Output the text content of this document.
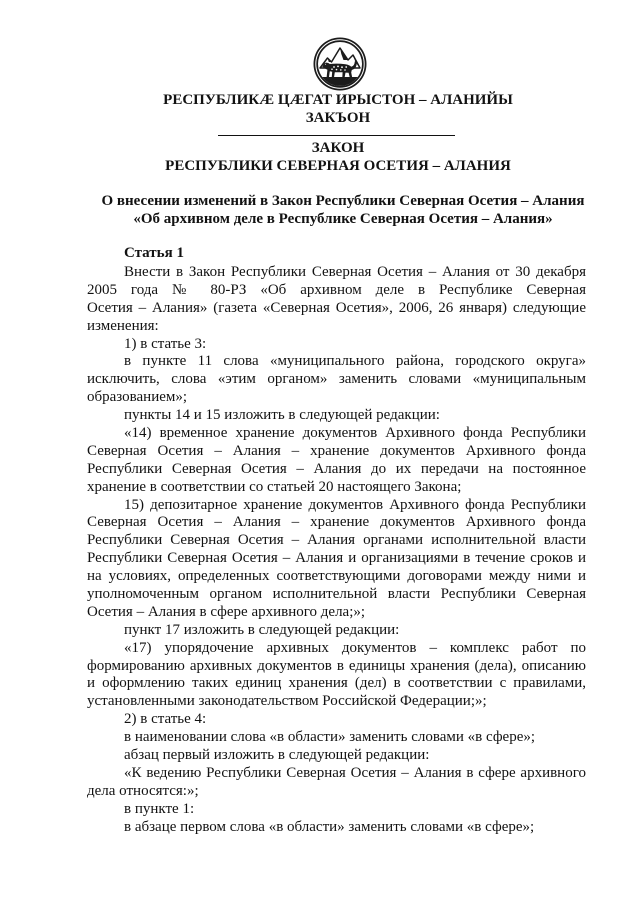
РЕСПУБЛИКӔ ЦӔГАТ ИРЫСТОН – АЛАНИЙЫ
ЗАКЪОН
ЗАКОН
РЕСПУБЛИКИ СЕВЕРНАЯ ОСЕТИЯ – АЛАНИЯ
О внесении изменений в Закон Республики Северная Осетия – Алания
«Об архивном деле в Республике Северная Осетия – Алания»
Статья 1
Внести в Закон Республики Северная Осетия – Алания от 30 декабря
2005 года № 80-РЗ «Об архивном деле в Республике Северная
Осетия – Алания» (газета «Северная Осетия», 2006, 26 января) следующие
изменения:
1) в статье 3:
в пункте 11 слова «муниципального района, городского округа»
исключить, слова «этим органом» заменить словами «муниципальным
образованием»;
пункты 14 и 15 изложить в следующей редакции:
«14) временное хранение документов Архивного фонда Республики
Северная Осетия – Алания – хранение документов Архивного фонда
Республики Северная Осетия – Алания до их передачи на постоянное
хранение в соответствии со статьей 20 настоящего Закона;
15) депозитарное хранение документов Архивного фонда Республики
Северная Осетия – Алания – хранение документов Архивного фонда
Республики Северная Осетия – Алания органами исполнительной власти
Республики Северная Осетия – Алания и организациями в течение сроков и
на условиях, определенных соответствующими договорами между ними и
уполномоченным органом исполнительной власти Республики Северная
Осетия – Алания в сфере архивного дела;»;
пункт 17 изложить в следующей редакции:
«17) упорядочение архивных документов – комплекс работ по
формированию архивных документов в единицы хранения (дела), описанию
и оформлению таких единиц хранения (дел) в соответствии с правилами,
установленными законодательством Российской Федерации;»;
2) в статье 4:
в наименовании слова «в области» заменить словами «в сфере»;
абзац первый изложить в следующей редакции:
«К ведению Республики Северная Осетия – Алания в сфере архивного
дела относятся:»;
в пункте 1:
в абзаце первом слова «в области» заменить словами «в сфере»;
